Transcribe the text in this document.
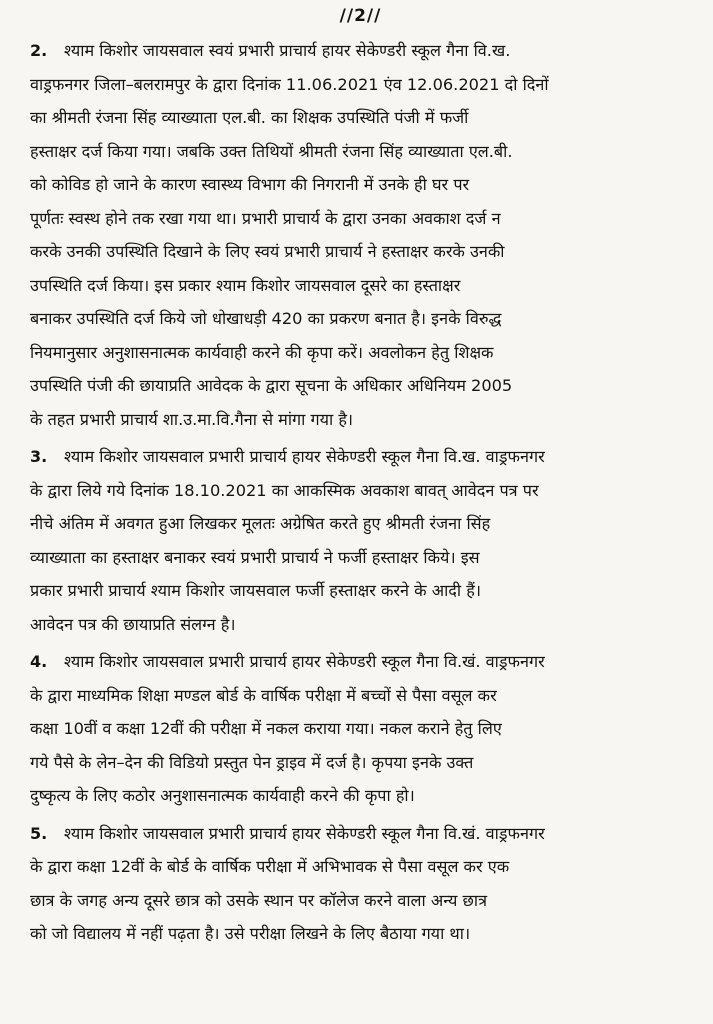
//2//
2.	श्याम किशोर जायसवाल स्वयं प्रभारी प्राचार्य हायर सेकेण्डरी स्कूल गैना वि.ख.
वाड्रफनगर जिला–बलरामपुर के द्वारा दिनांक 11.06.2021 एंव 12.06.2021 दो दिनों
का श्रीमती रंजना सिंह व्याख्याता एल.बी. का शिक्षक उपस्थिति पंजी में फर्जी
हस्ताक्षर दर्ज किया गया। जबकि उक्त तिथियों श्रीमती रंजना सिंह व्याख्याता एल.बी.
को कोविड हो जाने के कारण स्वास्थ्य विभाग की निगरानी में उनके ही घर पर
पूर्णतः स्वस्थ होने तक रखा गया था। प्रभारी प्राचार्य के द्वारा उनका अवकाश दर्ज न
करके उनकी उपस्थिति दिखाने के लिए स्वयं प्रभारी प्राचार्य ने हस्ताक्षर करके उनकी
उपस्थिति दर्ज किया। इस प्रकार श्याम किशोर जायसवाल दूसरे का हस्ताक्षर
बनाकर उपस्थिति दर्ज किये जो धोखाधड़ी 420 का प्रकरण बनात है। इनके विरुद्ध
नियमानुसार अनुशासनात्मक कार्यवाही करने की कृपा करें। अवलोकन हेतु शिक्षक
उपस्थिति पंजी की छायाप्रति आवेदक के द्वारा सूचना के अधिकार अधिनियम 2005
के तहत प्रभारी प्राचार्य शा.उ.मा.वि.गैना से मांगा गया है।
3.	श्याम किशोर जायसवाल प्रभारी प्राचार्य हायर सेकेण्डरी स्कूल गैना वि.ख. वाड्रफनगर
के द्वारा लिये गये दिनांक 18.10.2021 का आकस्मिक अवकाश बावत् आवेदन पत्र पर
नीचे अंतिम में अवगत हुआ लिखकर मूलतः अग्रेषित करते हुए श्रीमती रंजना सिंह
व्याख्याता का हस्ताक्षर बनाकर स्वयं प्रभारी प्राचार्य ने फर्जी हस्ताक्षर किये। इस
प्रकार प्रभारी प्राचार्य श्याम किशोर जायसवाल फर्जी हस्ताक्षर करने के आदी हैं।
आवेदन पत्र की छायाप्रति संलग्न है।
4.	श्याम किशोर जायसवाल प्रभारी प्राचार्य हायर सेकेण्डरी स्कूल गैना वि.खं. वाड्रफनगर
के द्वारा माध्यमिक शिक्षा मण्डल बोर्ड के वार्षिक परीक्षा में बच्चों से पैसा वसूल कर
कक्षा 10वीं व कक्षा 12वीं की परीक्षा में नकल कराया गया। नकल कराने हेतु लिए
गये पैसे के लेन–देन की विडियो प्रस्तुत पेन ड्राइव में दर्ज है। कृपया इनके उक्त
दुष्कृत्य के लिए कठोर अनुशासनात्मक कार्यवाही करने की कृपा हो।
5.	श्याम किशोर जायसवाल प्रभारी प्राचार्य हायर सेकेण्डरी स्कूल गैना वि.खं. वाड्रफनगर
के द्वारा कक्षा 12वीं के बोर्ड के वार्षिक परीक्षा में अभिभावक से पैसा वसूल कर एक
छात्र के जगह अन्य दूसरे छात्र को उसके स्थान पर कॉलेज करने वाला अन्य छात्र
को जो विद्यालय में नहीं पढ़ता है। उसे परीक्षा लिखने के लिए बैठाया गया था।
